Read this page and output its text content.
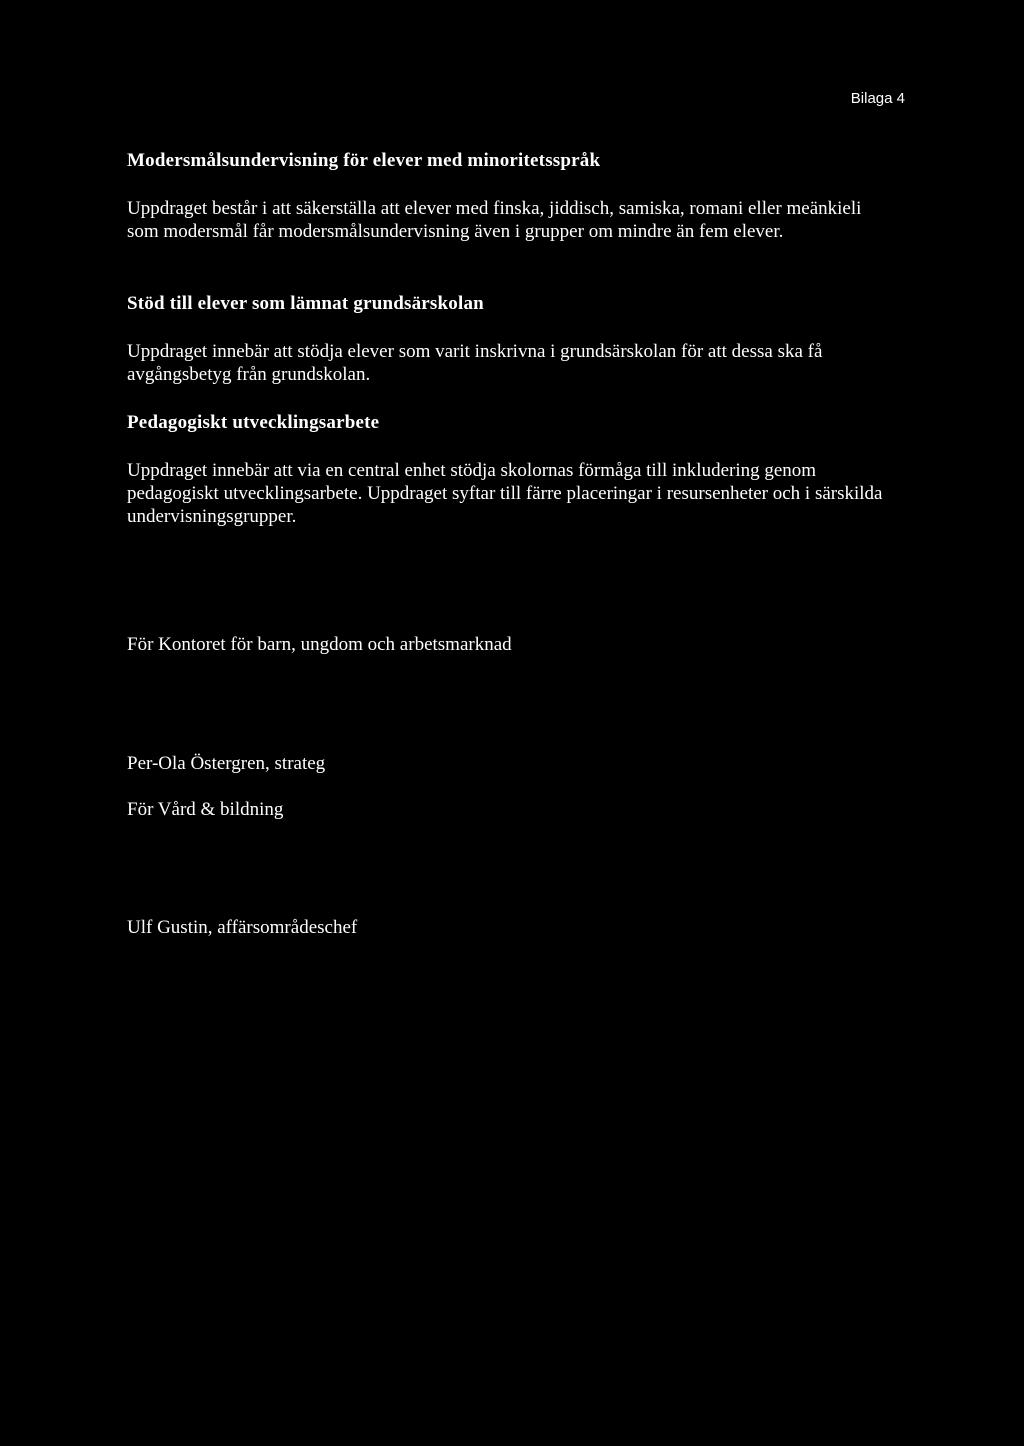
Bilaga 4
Modersmålsundervisning för elever med minoritetsspråk

Uppdraget består i att säkerställa att elever med finska, jiddisch, samiska, romani eller meänkieli som modersmål får modersmålsundervisning även i grupper om mindre än fem elever.

Stöd till elever som lämnat grundsärskolan

Uppdraget innebär att stödja elever som varit inskrivna i grundsärskolan för att dessa ska få avgångsbetyg från grundskolan.

Pedagogiskt utvecklingsarbete

Uppdraget innebär att via en central enhet stödja skolornas förmåga till inkludering genom pedagogiskt utvecklingsarbete. Uppdraget syftar till färre placeringar i resursenheter och i särskilda undervisningsgrupper.

För Kontoret för barn, ungdom och arbetsmarknad

Per-Ola Östergren, strateg

För Vård & bildning

Ulf Gustin, affärsområdeschef
